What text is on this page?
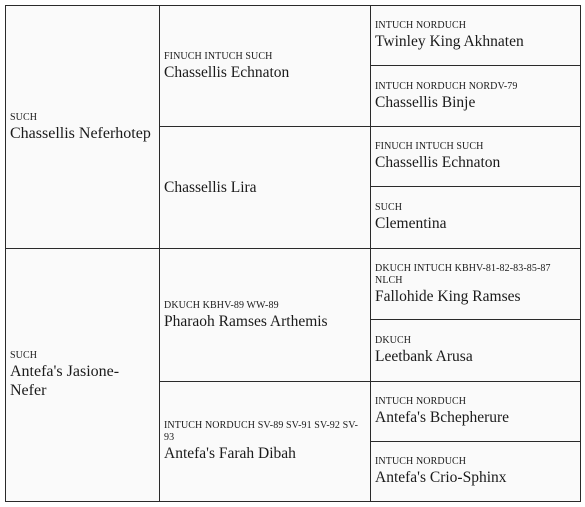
SUCH
Chassellis Neferhotep
SUCH
Antefa's Jasione-Nefer
FINUCH INTUCH SUCH
Chassellis Echnaton
Chassellis Lira
DKUCH KBHV-89 WW-89
Pharaoh Ramses Arthemis
INTUCH NORDUCH SV-89 SV-91 SV-92 SV-93
Antefa's Farah Dibah
INTUCH NORDUCH
Twinley King Akhnaten
INTUCH NORDUCH NORDV-79
Chassellis Binje
FINUCH INTUCH SUCH
Chassellis Echnaton
SUCH
Clementina
DKUCH INTUCH KBHV-81-82-83-85-87 NLCH
Fallohide King Ramses
DKUCH
Leetbank Arusa
INTUCH NORDUCH
Antefa's Bchepherure
INTUCH NORDUCH
Antefa's Crio-Sphinx
